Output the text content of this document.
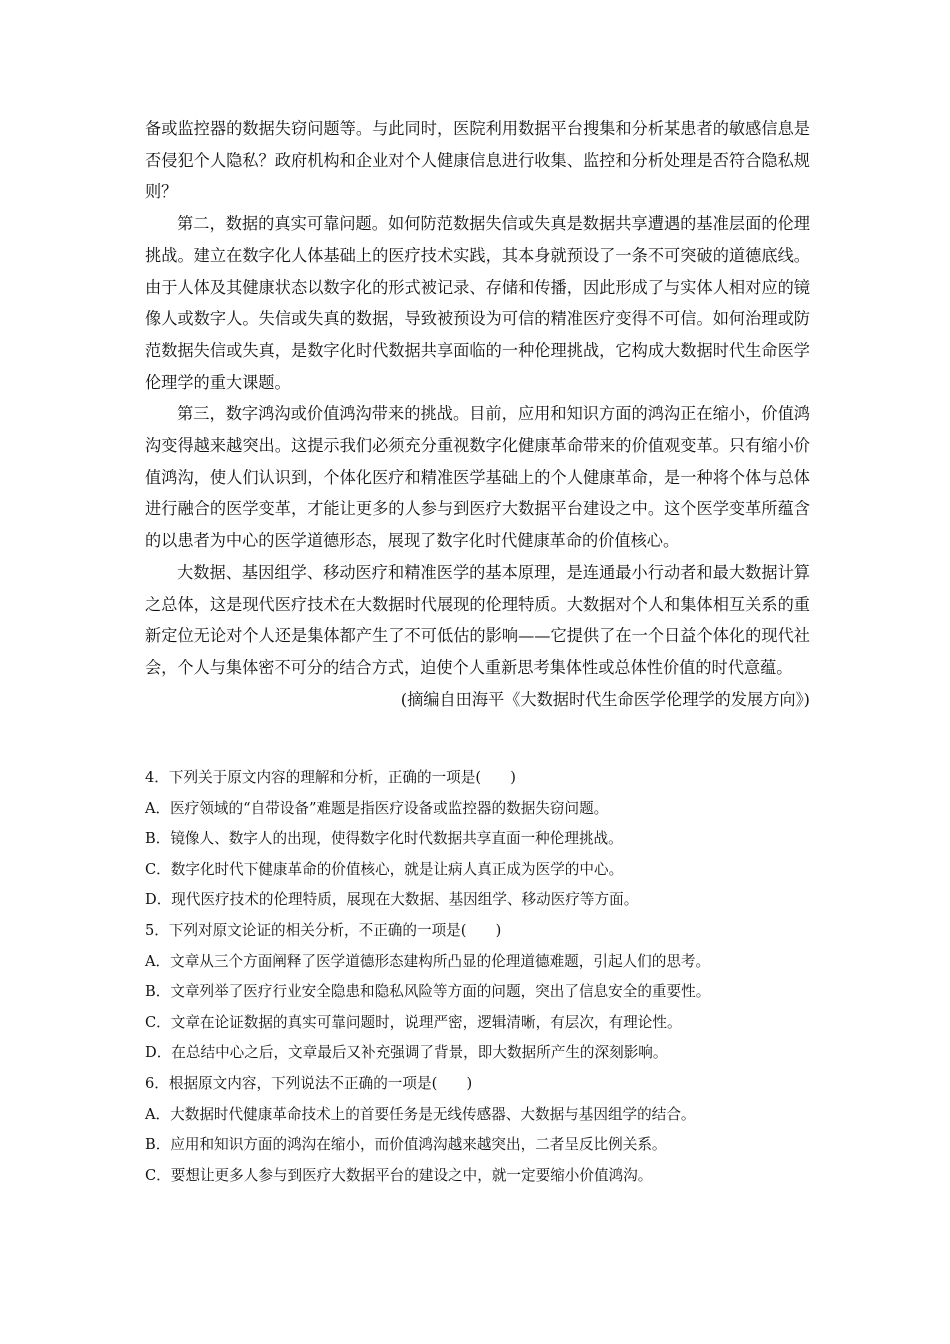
备或监控器的数据失窃问题等。与此同时，医院利用数据平台搜集和分析某患者的敏感信息是否侵犯个人隐私？政府机构和企业对个人健康信息进行收集、监控和分析处理是否符合隐私规则？

第二，数据的真实可靠问题。如何防范数据失信或失真是数据共享遭遇的基准层面的伦理挑战。建立在数字化人体基础上的医疗技术实践，其本身就预设了一条不可突破的道德底线。由于人体及其健康状态以数字化的形式被记录、存储和传播，因此形成了与实体人相对应的镜像人或数字人。失信或失真的数据，导致被预设为可信的精准医疗变得不可信。如何治理或防范数据失信或失真，是数字化时代数据共享面临的一种伦理挑战，它构成大数据时代生命医学伦理学的重大课题。

第三，数字鸿沟或价值鸿沟带来的挑战。目前，应用和知识方面的鸿沟正在缩小，价值鸿沟变得越来越突出。这提示我们必须充分重视数字化健康革命带来的价值观变革。只有缩小价值鸿沟，使人们认识到，个体化医疗和精准医学基础上的个人健康革命，是一种将个体与总体进行融合的医学变革，才能让更多的人参与到医疗大数据平台建设之中。这个医学变革所蕴含的以患者为中心的医学道德形态，展现了数字化时代健康革命的价值核心。

大数据、基因组学、移动医疗和精准医学的基本原理，是连通最小行动者和最大数据计算之总体，这是现代医疗技术在大数据时代展现的伦理特质。大数据对个人和集体相互关系的重新定位无论对个人还是集体都产生了不可低估的影响——它提供了在一个日益个体化的现代社会，个人与集体密不可分的结合方式，迫使个人重新思考集体性或总体性价值的时代意蕴。

(摘编自田海平《大数据时代生命医学伦理学的发展方向》)

4．下列关于原文内容的理解和分析，正确的一项是(　　)

A．医疗领域的“自带设备”难题是指医疗设备或监控器的数据失窃问题。

B．镜像人、数字人的出现，使得数字化时代数据共享直面一种伦理挑战。

C．数字化时代下健康革命的价值核心，就是让病人真正成为医学的中心。

D．现代医疗技术的伦理特质，展现在大数据、基因组学、移动医疗等方面。

5．下列对原文论证的相关分析，不正确的一项是(　　)

A．文章从三个方面阐释了医学道德形态建构所凸显的伦理道德难题，引起人们的思考。

B．文章列举了医疗行业安全隐患和隐私风险等方面的问题，突出了信息安全的重要性。

C．文章在论证数据的真实可靠问题时，说理严密，逻辑清晰，有层次，有理论性。

D．在总结中心之后，文章最后又补充强调了背景，即大数据所产生的深刻影响。

6．根据原文内容，下列说法不正确的一项是(　　)

A．大数据时代健康革命技术上的首要任务是无线传感器、大数据与基因组学的结合。

B．应用和知识方面的鸿沟在缩小，而价值鸿沟越来越突出，二者呈反比例关系。

C．要想让更多人参与到医疗大数据平台的建设之中，就一定要缩小价值鸿沟。
